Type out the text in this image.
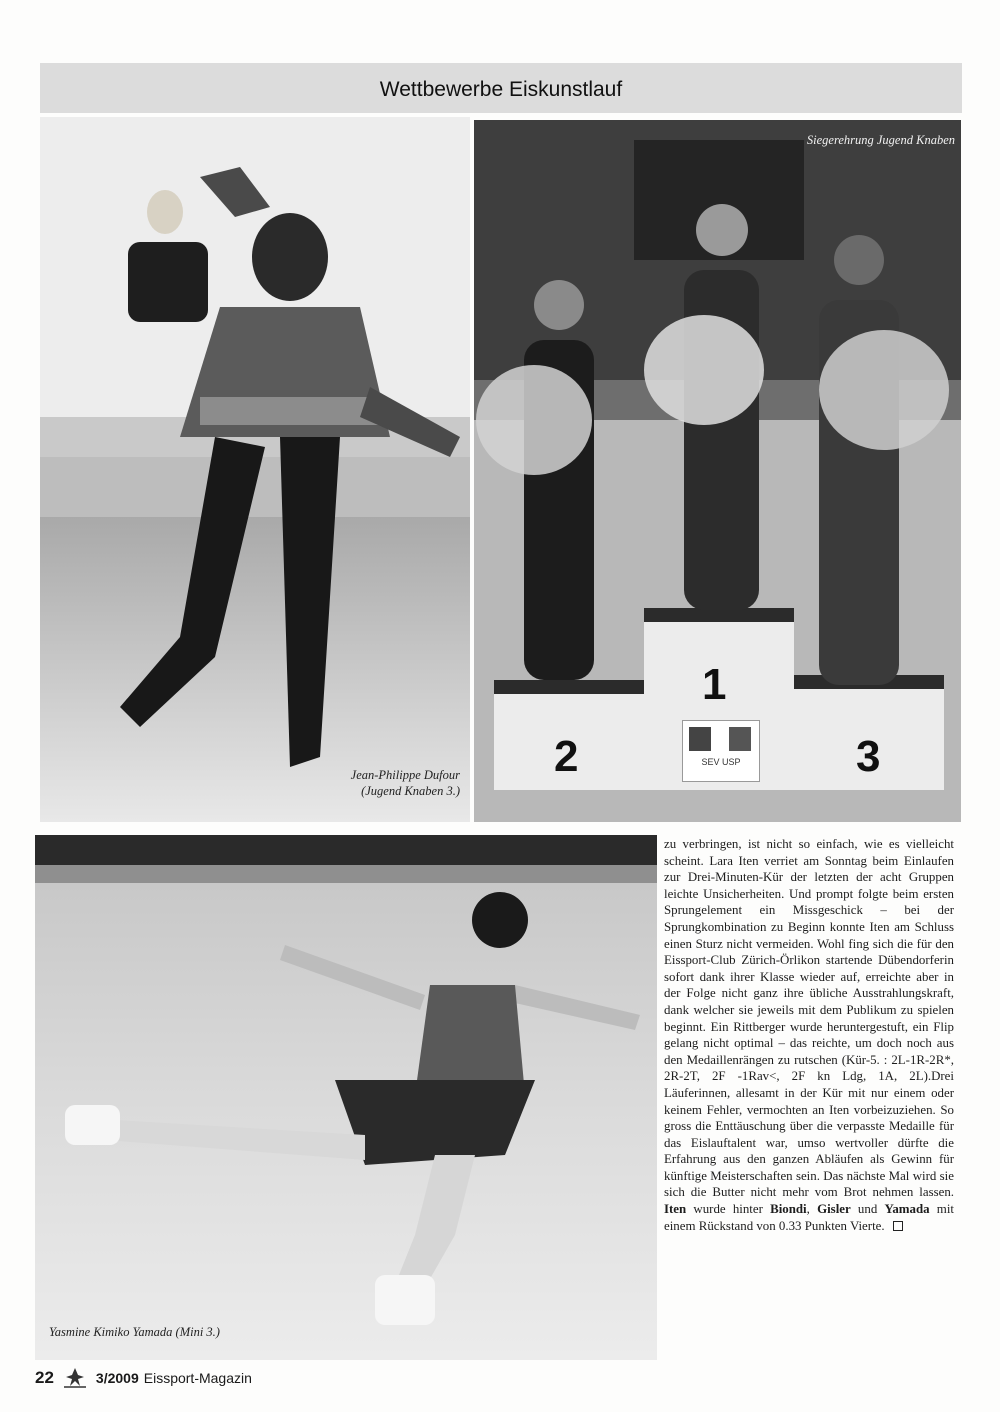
Wettbewerbe Eiskunstlauf
Jean-Philippe Dufour
(Jugend Knaben 3.)
2
1
3
SEV USP
Siegerehrung Jugend Knaben
Yasmine Kimiko Yamada (Mini 3.)
zu verbringen, ist nicht so einfach, wie es vielleicht scheint. Lara Iten verriet am Sonntag beim Einlaufen zur Drei-Minuten-Kür der letzten der acht Gruppen leichte Unsicherheiten. Und prompt folgte beim ersten Sprungelement ein Missgeschick – bei der Sprungkombination zu Beginn konnte Iten am Schluss einen Sturz nicht vermeiden. Wohl fing sich die für den Eissport-Club Zürich-Örlikon startende Dübendorferin sofort dank ihrer Klasse wieder auf, erreichte aber in der Folge nicht ganz ihre übliche Ausstrahlungskraft, dank welcher sie jeweils mit dem Publikum zu spielen beginnt. Ein Rittberger wurde heruntergestuft, ein Flip gelang nicht optimal – das reichte, um doch noch aus den Medaillenrängen zu rutschen (Kür-5. : 2L-1R-2R*, 2R-2T, 2F -1Rav<, 2F kn Ldg, 1A, 2L).Drei Läuferinnen, allesamt in der Kür mit nur einem oder keinem Fehler, vermochten an Iten vorbeizuziehen. So gross die Enttäuschung über die verpasste Medaille für das Eislauftalent war, umso wertvoller dürfte die Erfahrung aus den ganzen Abläufen als Gewinn für künftige Meisterschaften sein. Das nächste Mal wird sie sich die Butter nicht mehr vom Brot nehmen lassen. Iten wurde hinter Biondi, Gisler und Yamada mit einem Rückstand von 0.33 Punkten Vierte.
22	3/2009 Eissport-Magazin
